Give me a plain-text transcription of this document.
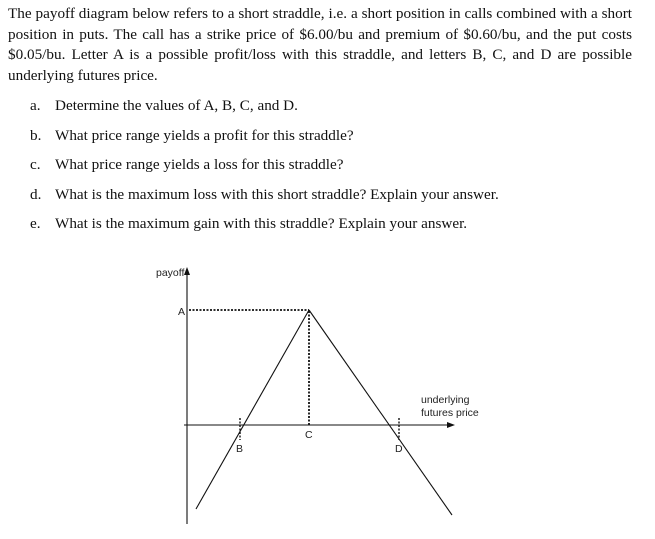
The payoff diagram below refers to a short straddle, i.e. a short position in calls combined with a short position in puts. The call has a strike price of $6.00/bu and premium of $0.60/bu, and the put costs $0.05/bu. Letter A is a possible profit/loss with this straddle, and letters B, C, and D are possible underlying futures price.

a. Determine the values of A, B, C, and D.
b. What price range yields a profit for this straddle?
c. What price range yields a loss for this straddle?
d. What is the maximum loss with this short straddle? Explain your answer.
e. What is the maximum gain with this straddle? Explain your answer.
payoff
A
B
C
D
underlying
futures price
